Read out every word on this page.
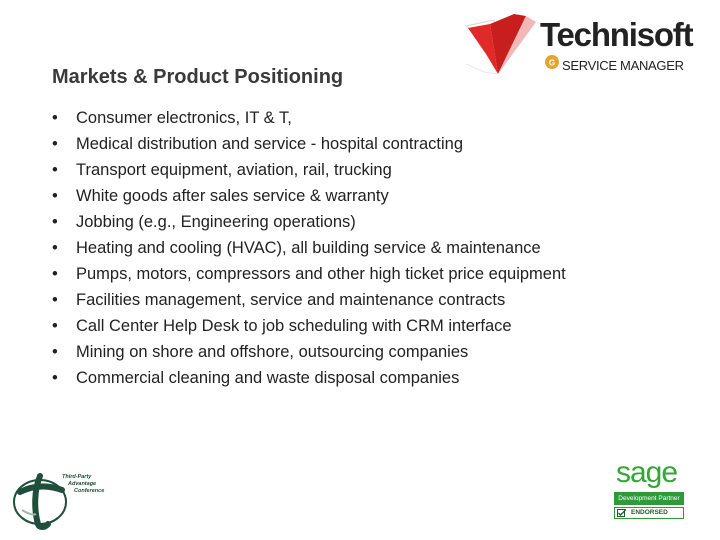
Technisoft
G SERVICE MANAGER
Markets & Product Positioning
•	Consumer electronics, IT & T,
•	Medical distribution and service - hospital contracting
•	Transport equipment, aviation, rail, trucking
•	White goods after sales service & warranty
•	Jobbing (e.g., Engineering operations)
•	Heating and cooling (HVAC), all building service & maintenance
•	Pumps, motors, compressors and other high ticket price equipment
•	Facilities management, service and maintenance contracts
•	Call Center Help Desk to job scheduling with CRM interface
•	Mining on shore and offshore, outsourcing companies
•	Commercial cleaning and waste disposal companies
Third-Party
Advantage
Conference
sage
Development Partner
ENDORSED
